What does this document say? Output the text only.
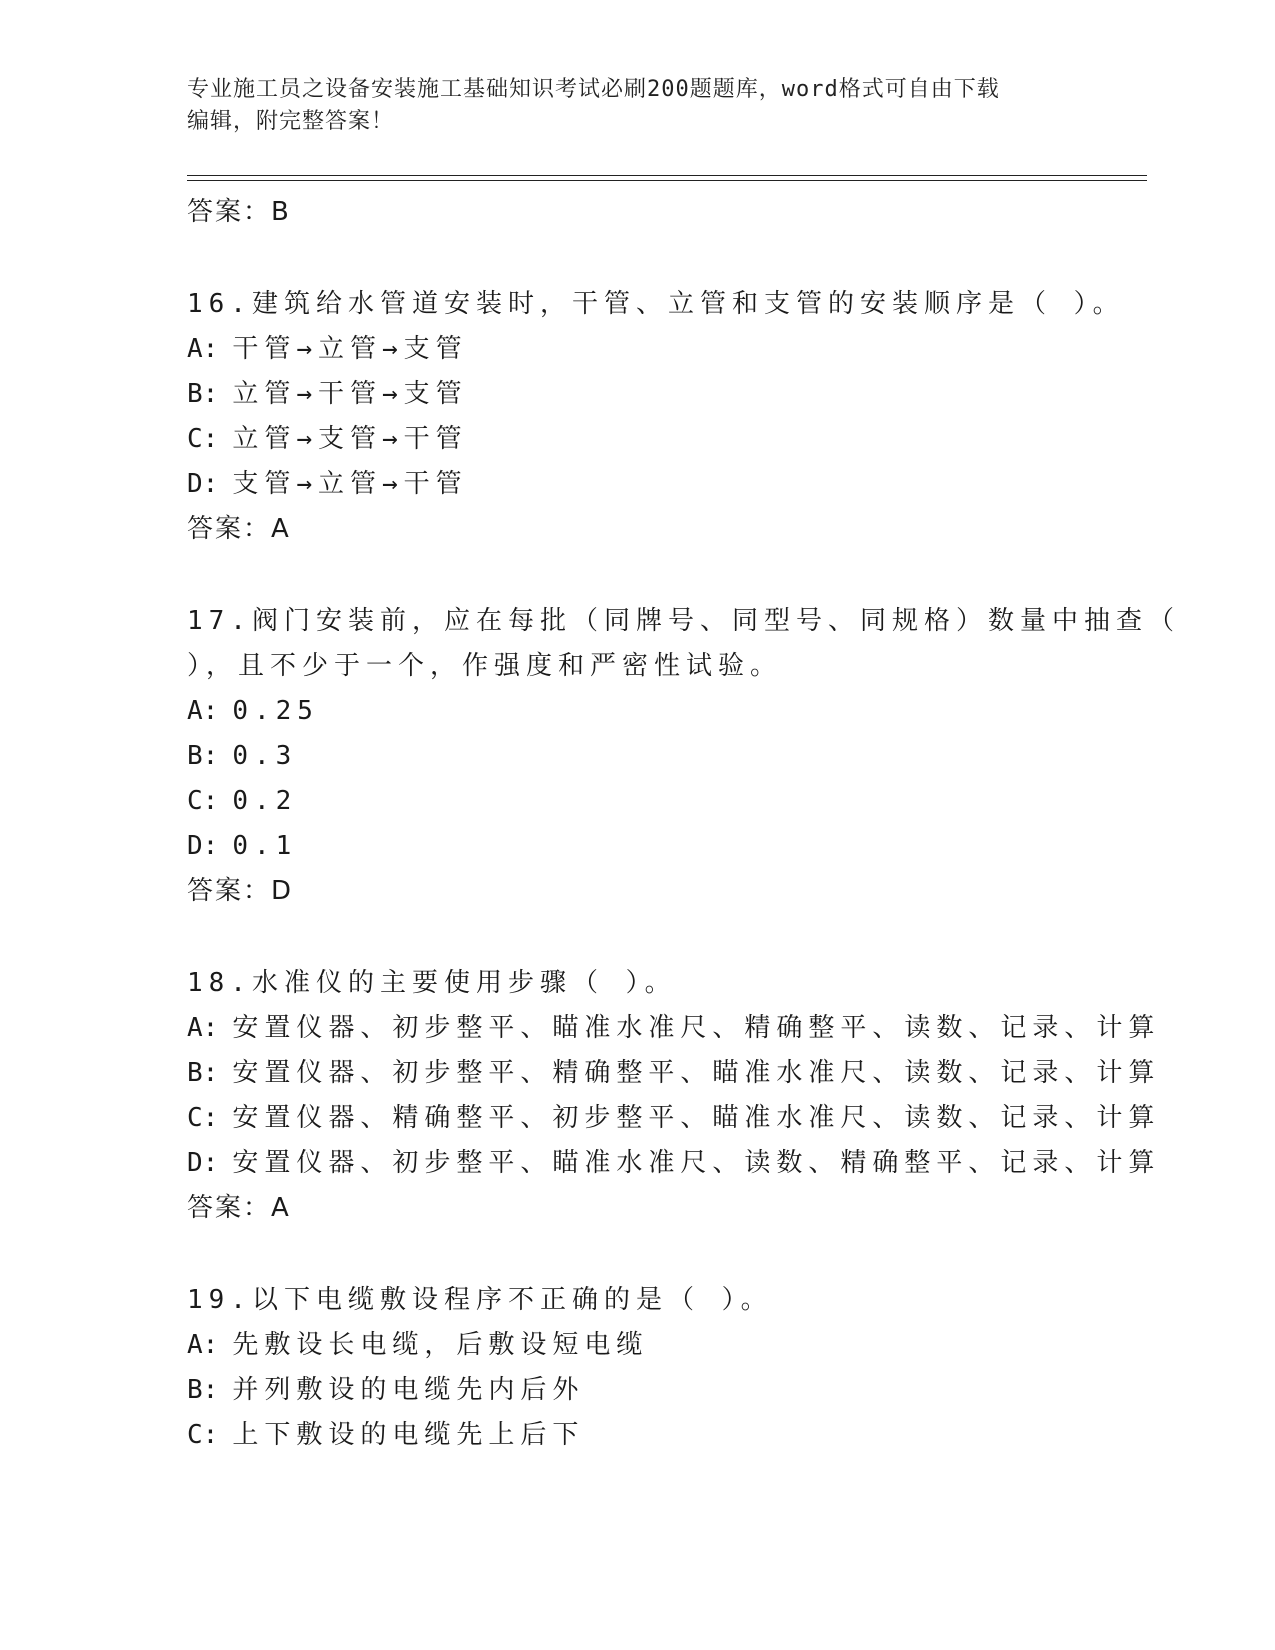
专业施工员之设备安装施工基础知识考试必刷200题题库，word格式可自由下载
编辑，附完整答案！
答案：B
16.建筑给水管道安装时，干管、立管和支管的安装顺序是（ ）。
A: 干管→立管→支管
B: 立管→干管→支管
C: 立管→支管→干管
D: 支管→立管→干管
答案：A
17.阀门安装前，应在每批（同牌号、同型号、同规格）数量中抽查（
），且不少于一个，作强度和严密性试验。
A: 0.25
B: 0.3
C: 0.2
D: 0.1
答案：D
18.水准仪的主要使用步骤（ ）。
A: 安置仪器、初步整平、瞄准水准尺、精确整平、读数、记录、计算
B: 安置仪器、初步整平、精确整平、瞄准水准尺、读数、记录、计算
C: 安置仪器、精确整平、初步整平、瞄准水准尺、读数、记录、计算
D: 安置仪器、初步整平、瞄准水准尺、读数、精确整平、记录、计算
答案：A
19.以下电缆敷设程序不正确的是（ ）。
A: 先敷设长电缆，后敷设短电缆
B: 并列敷设的电缆先内后外
C: 上下敷设的电缆先上后下
